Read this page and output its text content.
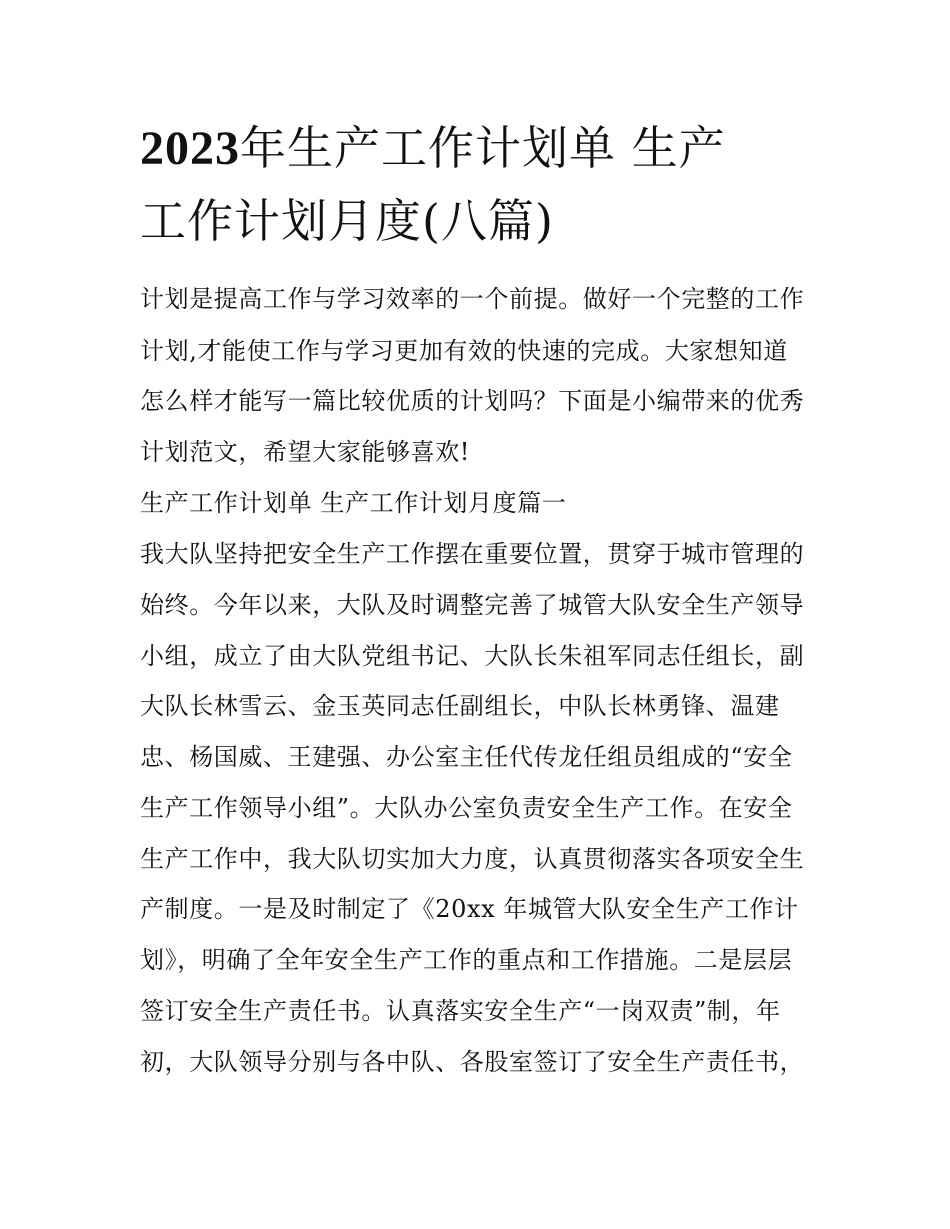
2023年生产工作计划单 生产
工作计划月度(八篇)

计划是提高工作与学习效率的一个前提。做好一个完整的工作

计划,才能使工作与学习更加有效的快速的完成。大家想知道

怎么样才能写一篇比较优质的计划吗？下面是小编带来的优秀

计划范文，希望大家能够喜欢!

生产工作计划单 生产工作计划月度篇一

我大队坚持把安全生产工作摆在重要位置，贯穿于城市管理的

始终。今年以来，大队及时调整完善了城管大队安全生产领导

小组，成立了由大队党组书记、大队长朱祖军同志任组长，副

大队长林雪云、金玉英同志任副组长，中队长林勇锋、温建

忠、杨国威、王建强、办公室主任代传龙任组员组成的“安全

生产工作领导小组”。大队办公室负责安全生产工作。在安全

生产工作中，我大队切实加大力度，认真贯彻落实各项安全生

产制度。一是及时制定了《20xx 年城管大队安全生产工作计

划》，明确了全年安全生产工作的重点和工作措施。二是层层

签订安全生产责任书。认真落实安全生产“一岗双责”制，年

初，大队领导分别与各中队、各股室签订了安全生产责任书，
